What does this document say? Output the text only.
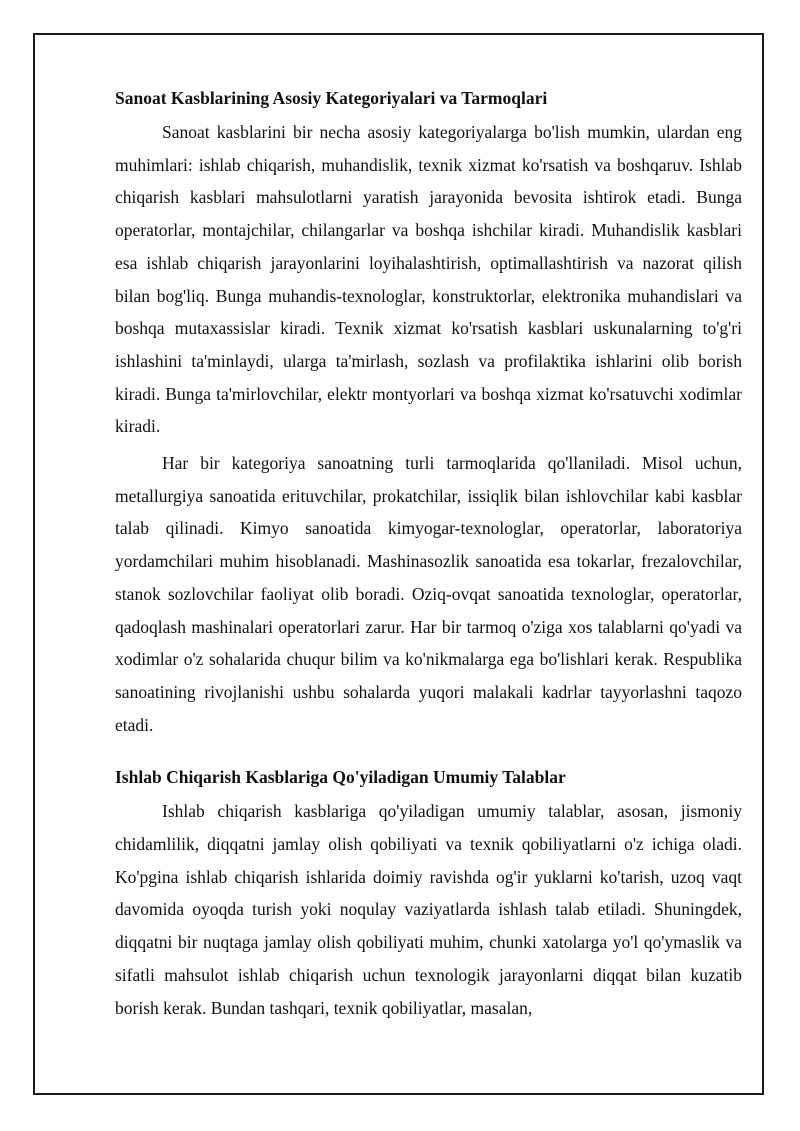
Sanoat Kasblarining Asosiy Kategoriyalari va Tarmoqlari

Sanoat kasblarini bir necha asosiy kategoriyalarga bo'lish mumkin, ulardan eng muhimlari: ishlab chiqarish, muhandislik, texnik xizmat ko'rsatish va boshqaruv. Ishlab chiqarish kasblari mahsulotlarni yaratish jarayonida bevosita ishtirok etadi. Bunga operatorlar, montajchilar, chilangarlar va boshqa ishchilar kiradi. Muhandislik kasblari esa ishlab chiqarish jarayonlarini loyihalashtirish, optimallashtirish va nazorat qilish bilan bog'liq. Bunga muhandis-texnologlar, konstruktorlar, elektronika muhandislari va boshqa mutaxassislar kiradi. Texnik xizmat ko'rsatish kasblari uskunalarning to'g'ri ishlashini ta'minlaydi, ularga ta'mirlash, sozlash va profilaktika ishlarini olib borish kiradi. Bunga ta'mirlovchilar, elektr montyorlari va boshqa xizmat ko'rsatuvchi xodimlar kiradi.

Har bir kategoriya sanoatning turli tarmoqlarida qo'llaniladi. Misol uchun, metallurgiya sanoatida erituvchilar, prokatchilar, issiqlik bilan ishlovchilar kabi kasblar talab qilinadi. Kimyo sanoatida kimyogar-texnologlar, operatorlar, laboratoriya yordamchilari muhim hisoblanadi. Mashinasozlik sanoatida esa tokarlar, frezalovchilar, stanok sozlovchilar faoliyat olib boradi. Oziq-ovqat sanoatida texnologlar, operatorlar, qadoqlash mashinalari operatorlari zarur. Har bir tarmoq o'ziga xos talablarni qo'yadi va xodimlar o'z sohalarida chuqur bilim va ko'nikmalarga ega bo'lishlari kerak. Respublika sanoatining rivojlanishi ushbu sohalarda yuqori malakali kadrlar tayyorlashni taqozo etadi.

Ishlab Chiqarish Kasblariga Qo'yiladigan Umumiy Talablar

Ishlab chiqarish kasblariga qo'yiladigan umumiy talablar, asosan, jismoniy chidamlilik, diqqatni jamlay olish qobiliyati va texnik qobiliyatlarni o'z ichiga oladi. Ko'pgina ishlab chiqarish ishlarida doimiy ravishda og'ir yuklarni ko'tarish, uzoq vaqt davomida oyoqda turish yoki noqulay vaziyatlarda ishlash talab etiladi. Shuningdek, diqqatni bir nuqtaga jamlay olish qobiliyati muhim, chunki xatolarga yo'l qo'ymaslik va sifatli mahsulot ishlab chiqarish uchun texnologik jarayonlarni diqqat bilan kuzatib borish kerak. Bundan tashqari, texnik qobiliyatlar, masalan,
